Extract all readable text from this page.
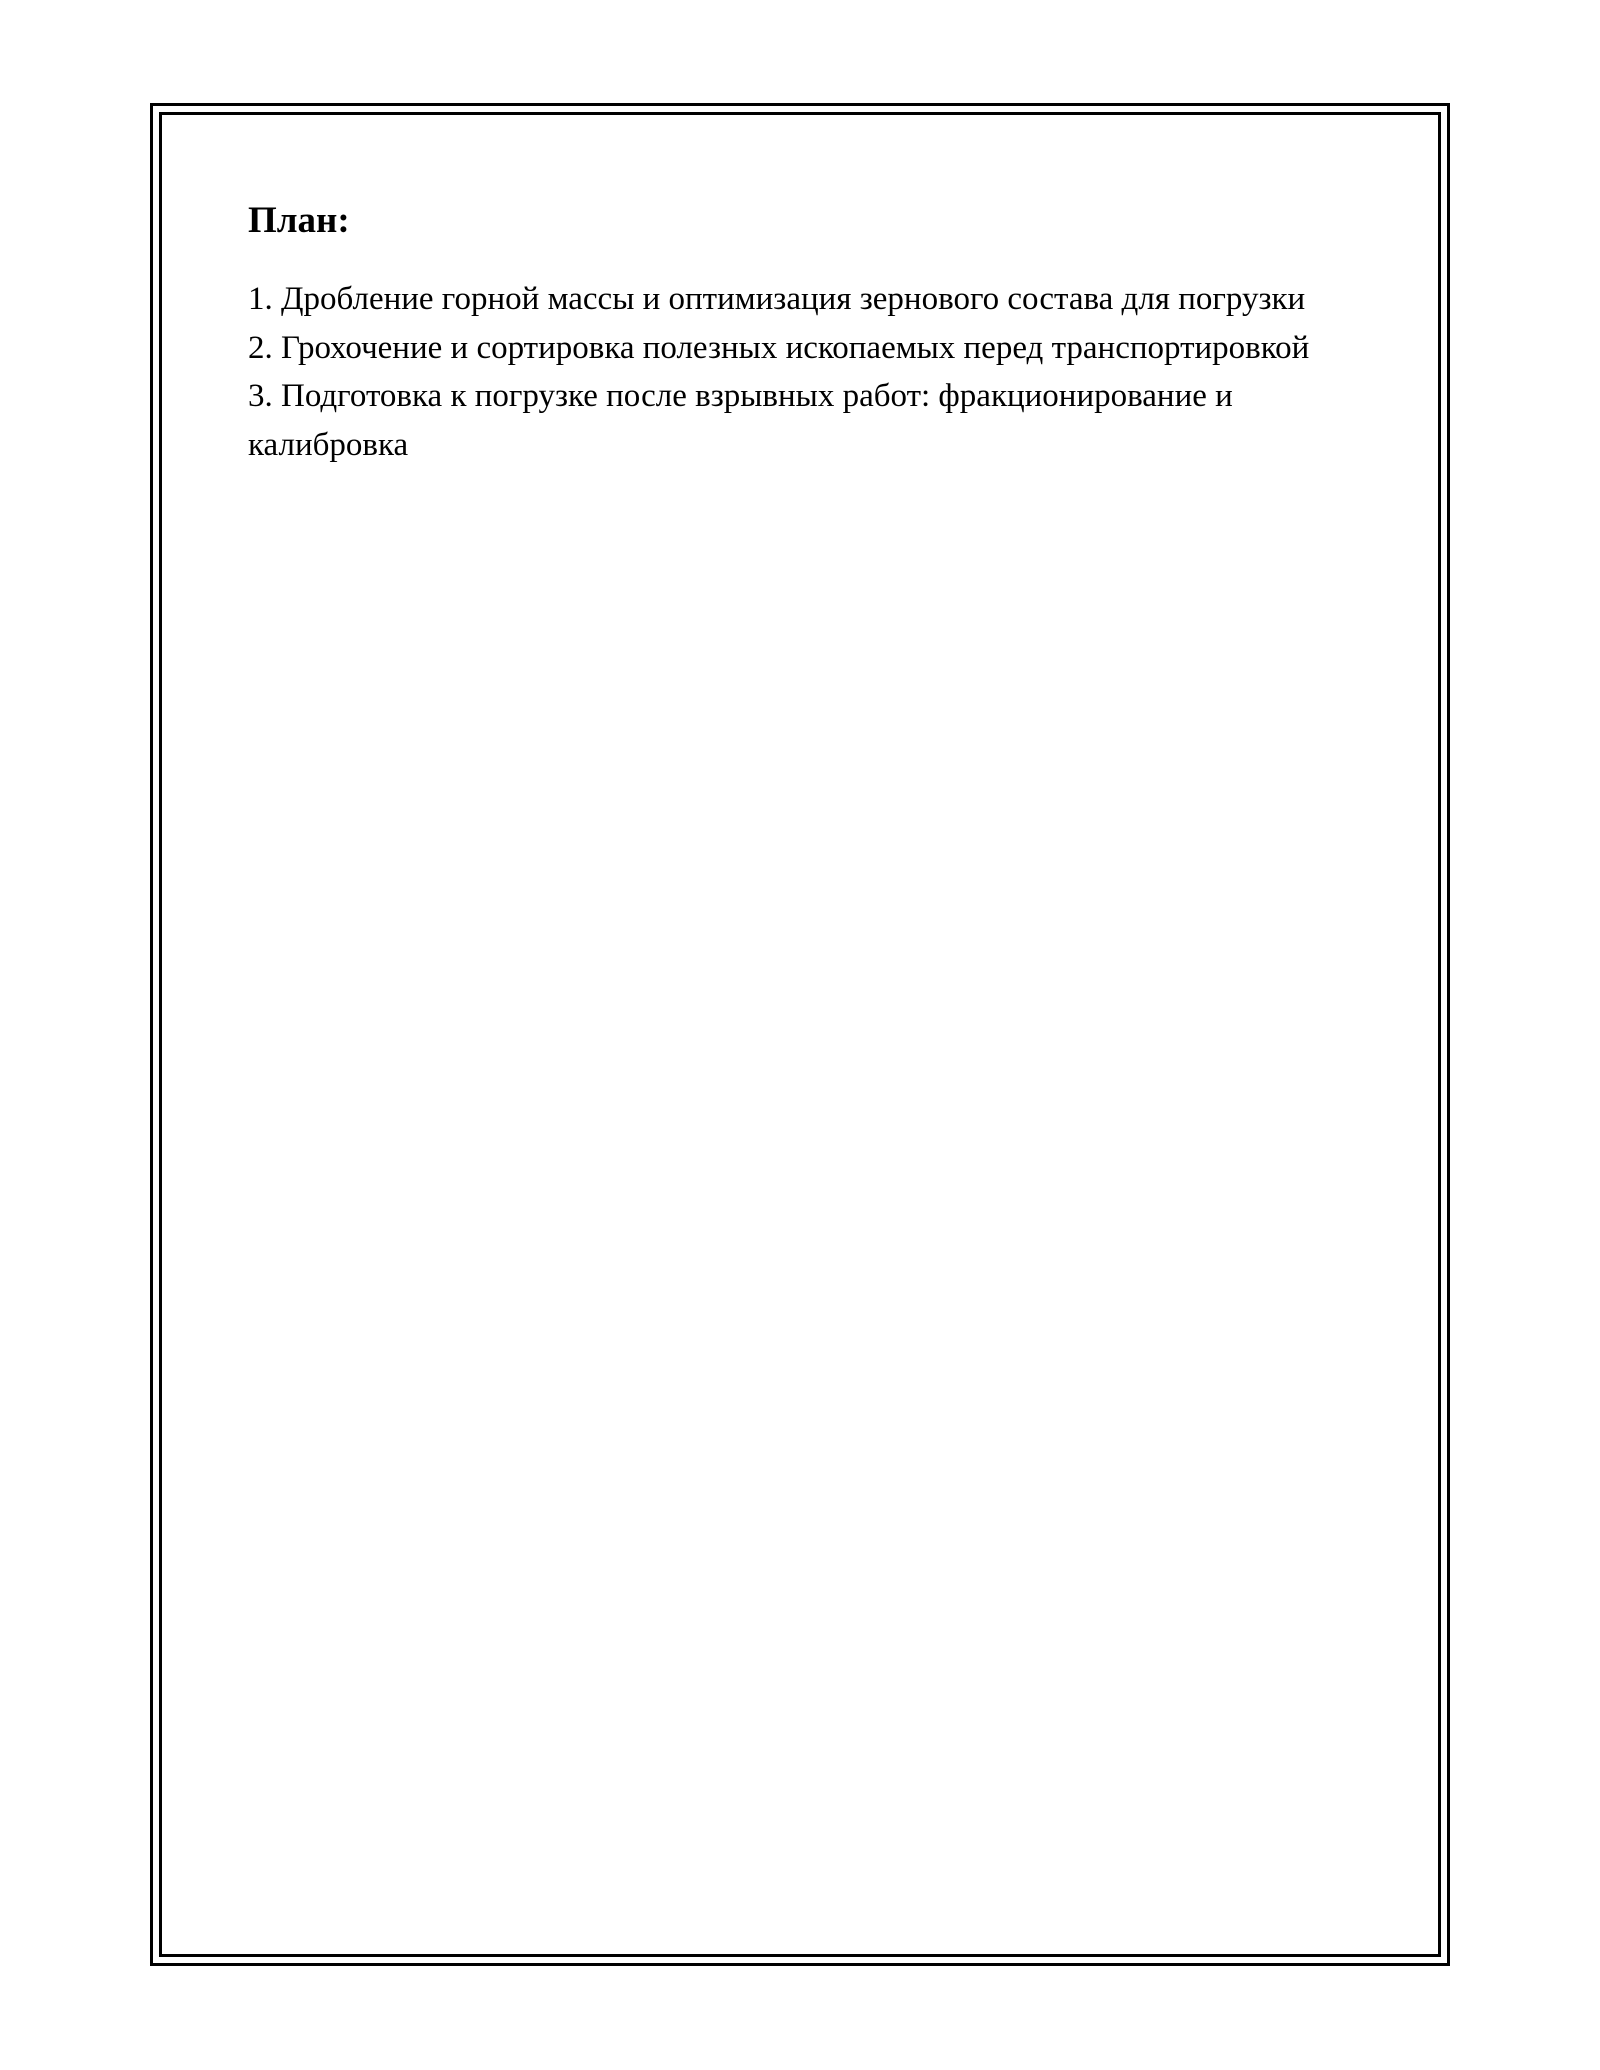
План:
1. Дробление горной массы и оптимизация зернового состава для погрузки
2. Грохочение и сортировка полезных ископаемых перед транспортировкой
3. Подготовка к погрузке после взрывных работ: фракционирование и калибровка
